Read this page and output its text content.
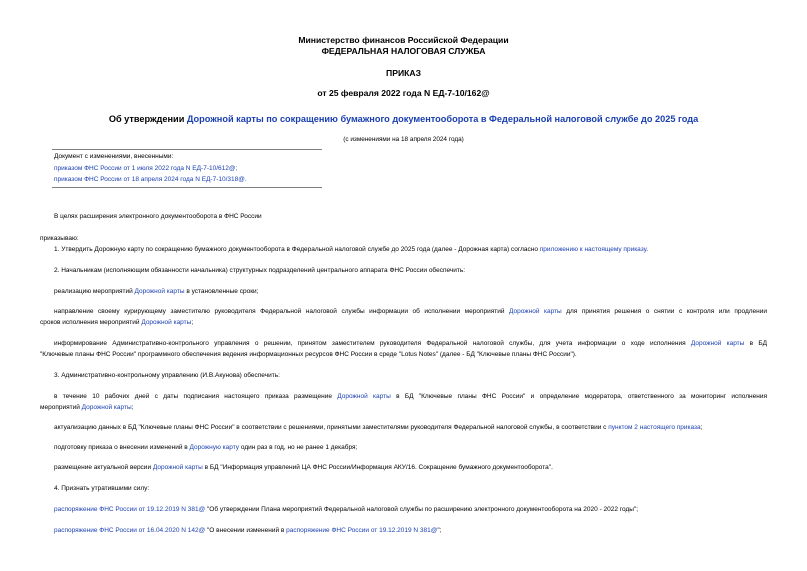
Министерство финансов Российской Федерации
ФЕДЕРАЛЬНАЯ НАЛОГОВАЯ СЛУЖБА
ПРИКАЗ
от 25 февраля 2022 года N ЕД-7-10/162@
Об утверждении Дорожной карты по сокращению бумажного документооборота в Федеральной налоговой службе до 2025 года
(с изменениями на 18 апреля 2024 года)
Документ с изменениями, внесенными:
приказом ФНС России от 1 июля 2022 года N ЕД-7-10/612@;
приказом ФНС России от 18 апреля 2024 года N ЕД-7-10/318@.
В целях расширения электронного документооборота в ФНС России
приказываю:
1. Утвердить Дорожную карту по сокращению бумажного документооборота в Федеральной налоговой службе до 2025 года (далее - Дорожная карта) согласно приложению к настоящему приказу.
2. Начальникам (исполняющим обязанности начальника) структурных подразделений центрального аппарата ФНС России обеспечить:
реализацию мероприятий Дорожной карты в установленные сроки;
направление своему курирующему заместителю руководителя Федеральной налоговой службы информации об исполнении мероприятий Дорожной карты для принятия решения о снятии с контроля или продлении
сроков исполнения мероприятий Дорожной карты;
информирование Административно-контрольного управления о решении, принятом заместителем руководителя Федеральной налоговой службы, для учета информации о ходе исполнения Дорожной карты в БД
"Ключевые планы ФНС России" программного обеспечения ведения информационных ресурсов ФНС России в среде "Lotus Notes" (далее - БД "Ключевые планы ФНС России").
3. Административно-контрольному управлению (И.В.Акунова) обеспечить:
в течение 10 рабочих дней с даты подписания настоящего приказа размещение Дорожной карты в БД "Ключевые планы ФНС России" и определение модератора, ответственного за мониторинг исполнения
мероприятий Дорожной карты;
актуализацию данных в БД "Ключевые планы ФНС России" в соответствии с решениями, принятыми заместителями руководителя Федеральной налоговой службы, в соответствии с пунктом 2 настоящего приказа;
подготовку приказа о внесении изменений в Дорожную карту один раз в год, но не ранее 1 декабря;
размещение актуальной версии Дорожной карты в БД "Информация управлений ЦА ФНС России/Информация АКУ/16. Сокращение бумажного документооборота".
4. Признать утратившими силу:
распоряжение ФНС России от 19.12.2019 N 381@ "Об утверждении Плана мероприятий Федеральной налоговой службы по расширению электронного документооборота на 2020 - 2022 годы";
распоряжение ФНС России от 16.04.2020 N 142@ "О внесении изменений в распоряжение ФНС России от 19.12.2019 N 381@";
